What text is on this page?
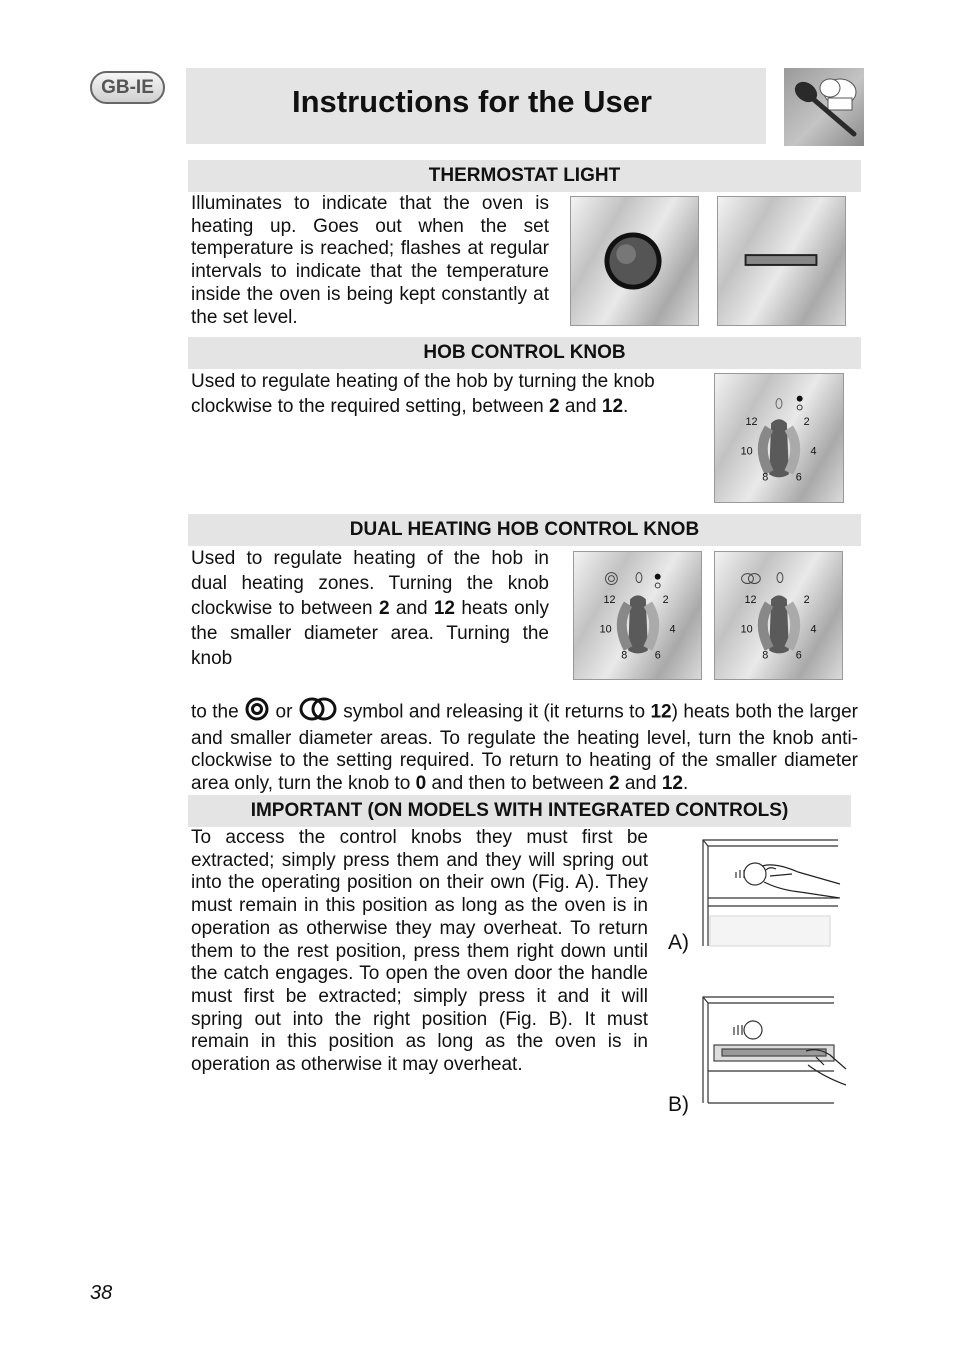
GB-IE	Instructions for the User
THERMOSTAT LIGHT
Illuminates to indicate that the oven is heating up. Goes out when the set temperature is reached; flashes at regular intervals to indicate that the temperature inside the oven is being kept constantly at the set level.
HOB CONTROL KNOB
Used to regulate heating of the hob by turning the knob clockwise to the required setting, between 2 and 12.
12	2
10	4
8 6
DUAL HEATING HOB CONTROL KNOB
Used to regulate heating of the hob in dual heating zones. Turning the knob clockwise to between 2 and 12 heats only the smaller diameter area. Turning the knob
12	2
10	4
8 6
12	2
10	4
8 6
to the  or  symbol and releasing it (it returns to 12) heats both the larger and smaller diameter areas. To regulate the heating level, turn the knob anti-clockwise to the setting required. To return to heating of the smaller diameter area only, turn the knob to 0 and then to between 2 and 12.
IMPORTANT (ON MODELS WITH INTEGRATED CONTROLS)
To access the control knobs they must first be extracted; simply press them and they will spring out into the operating position on their own (Fig. A). They must remain in this position as long as the oven is in operation as otherwise they may overheat. To return them to the rest position, press them right down until the catch engages. To open the oven door the handle must first be extracted; simply press it and it will spring out into the right position (Fig. B). It must remain in this position as long as the oven is in operation as otherwise it may overheat.
A)
B)
38
